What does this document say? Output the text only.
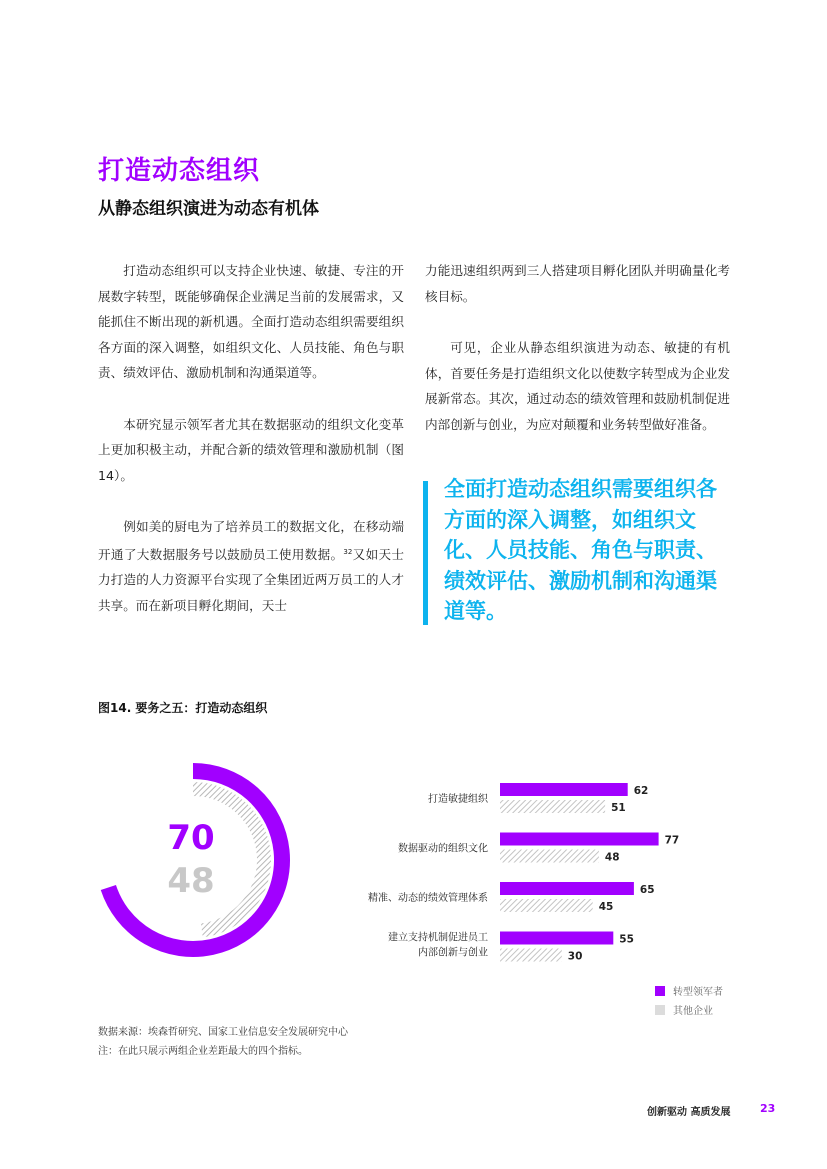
打造动态组织
从静态组织演进为动态有机体

打造动态组织可以支持企业快速、敏捷、专注的开展数字转型，既能够确保企业满足当前的发展需求，又能抓住不断出现的新机遇。全面打造动态组织需要组织各方面的深入调整，如组织文化、人员技能、角色与职责、绩效评估、激励机制和沟通渠道等。

本研究显示领军者尤其在数据驱动的组织文化变革上更加积极主动，并配合新的绩效管理和激励机制（图14）。

例如美的厨电为了培养员工的数据文化，在移动端开通了大数据服务号以鼓励员工使用数据。$^{32}$又如天士力打造的人力资源平台实现了全集团近两万员工的人才共享。而在新项目孵化期间，天士

力能迅速组织两到三人搭建项目孵化团队并明确量化考核目标。

可见，企业从静态组织演进为动态、敏捷的有机体，首要任务是打造组织文化以使数字转型成为企业发展新常态。其次，通过动态的绩效管理和鼓励机制促进内部创新与创业，为应对颠覆和业务转型做好准备。

全面打造动态组织需要组织各方面的深入调整，如组织文化、人员技能、角色与职责、绩效评估、激励机制和沟通渠道等。
图14. 要务之五：打造动态组织
70
48
打造敏捷组织
62
51
数据驱动的组织文化
77
48
精准、动态的绩效管理体系
65
45
建立支持机制促进员工
内部创新与创业
55
30
转型领军者
其他企业
数据来源：埃森哲研究、国家工业信息安全发展研究中心
注：在此只展示两组企业差距最大的四个指标。
创新驱动 高质发展	23
